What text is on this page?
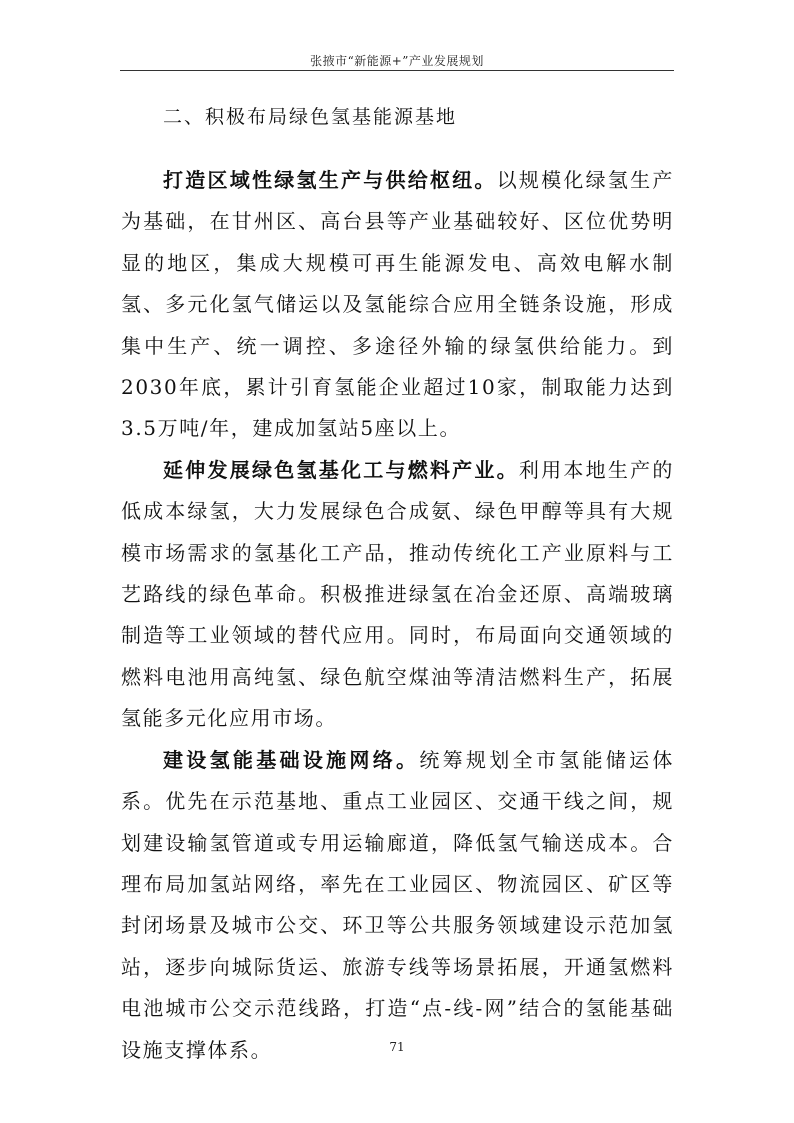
张掖市“新能源+”产业发展规划
二、积极布局绿色氢基能源基地

打造区域性绿氢生产与供给枢纽。以规模化绿氢生产为基础，在甘州区、高台县等产业基础较好、区位优势明显的地区，集成大规模可再生能源发电、高效电解水制氢、多元化氢气储运以及氢能综合应用全链条设施，形成集中生产、统一调控、多途径外输的绿氢供给能力。到2030年底，累计引育氢能企业超过10家，制取能力达到3.5万吨/年，建成加氢站5座以上。

延伸发展绿色氢基化工与燃料产业。利用本地生产的低成本绿氢，大力发展绿色合成氨、绿色甲醇等具有大规模市场需求的氢基化工产品，推动传统化工产业原料与工艺路线的绿色革命。积极推进绿氢在冶金还原、高端玻璃制造等工业领域的替代应用。同时，布局面向交通领域的燃料电池用高纯氢、绿色航空煤油等清洁燃料生产，拓展氢能多元化应用市场。

建设氢能基础设施网络。统筹规划全市氢能储运体系。优先在示范基地、重点工业园区、交通干线之间，规划建设输氢管道或专用运输廊道，降低氢气输送成本。合理布局加氢站网络，率先在工业园区、物流园区、矿区等封闭场景及城市公交、环卫等公共服务领域建设示范加氢站，逐步向城际货运、旅游专线等场景拓展，开通氢燃料电池城市公交示范线路，打造“点-线-网”结合的氢能基础设施支撑体系。	71
